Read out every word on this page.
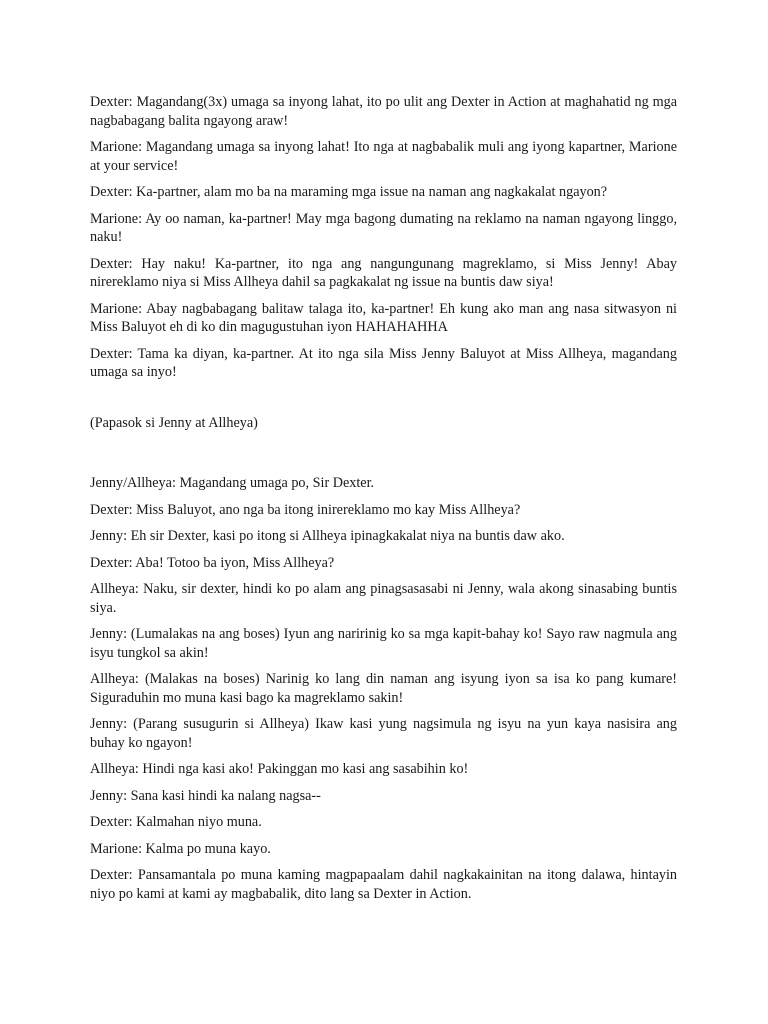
Dexter: Magandang(3x) umaga sa inyong lahat, ito po ulit ang Dexter in Action at maghahatid ng mga nagbabagang balita ngayong araw!

Marione: Magandang umaga sa inyong lahat! Ito nga at nagbabalik muli ang iyong kapartner, Marione at your service!

Dexter: Ka-partner, alam mo ba na maraming mga issue na naman ang nagkakalat ngayon?

Marione: Ay oo naman, ka-partner! May mga bagong dumating na reklamo na naman ngayong linggo, naku!

Dexter: Hay naku! Ka-partner, ito nga ang nangungunang magreklamo, si Miss Jenny! Abay nirereklamo niya si Miss Allheya dahil sa pagkakalat ng issue na buntis daw siya!

Marione: Abay nagbabagang balitaw talaga ito, ka-partner! Eh kung ako man ang nasa sitwasyon ni Miss Baluyot eh di ko din magugustuhan iyon HAHAHAHHA

Dexter: Tama ka diyan, ka-partner. At ito nga sila Miss Jenny Baluyot at Miss Allheya, magandang umaga sa inyo!

(Papasok si Jenny at Allheya)

Jenny/Allheya: Magandang umaga po, Sir Dexter.

Dexter: Miss Baluyot, ano nga ba itong inirereklamo mo kay Miss Allheya?

Jenny: Eh sir Dexter, kasi po itong si Allheya ipinagkakalat niya na buntis daw ako.

Dexter: Aba! Totoo ba iyon, Miss Allheya?

Allheya: Naku, sir dexter, hindi ko po alam ang pinagsasasabi ni Jenny, wala akong sinasabing buntis siya.

Jenny: (Lumalakas na ang boses) Iyun ang naririnig ko sa mga kapit-bahay ko! Sayo raw nagmula ang isyu tungkol sa akin!

Allheya: (Malakas na boses) Narinig ko lang din naman ang isyung iyon sa isa ko pang kumare! Siguraduhin mo muna kasi bago ka magreklamo sakin!

Jenny: (Parang susugurin si Allheya) Ikaw kasi yung nagsimula ng isyu na yun kaya nasisira ang buhay ko ngayon!

Allheya: Hindi nga kasi ako! Pakinggan mo kasi ang sasabihin ko!

Jenny: Sana kasi hindi ka nalang nagsa--

Dexter: Kalmahan niyo muna.

Marione: Kalma po muna kayo.

Dexter: Pansamantala po muna kaming magpapaalam dahil nagkakainitan na itong dalawa, hintayin niyo po kami at kami ay magbabalik, dito lang sa Dexter in Action.
